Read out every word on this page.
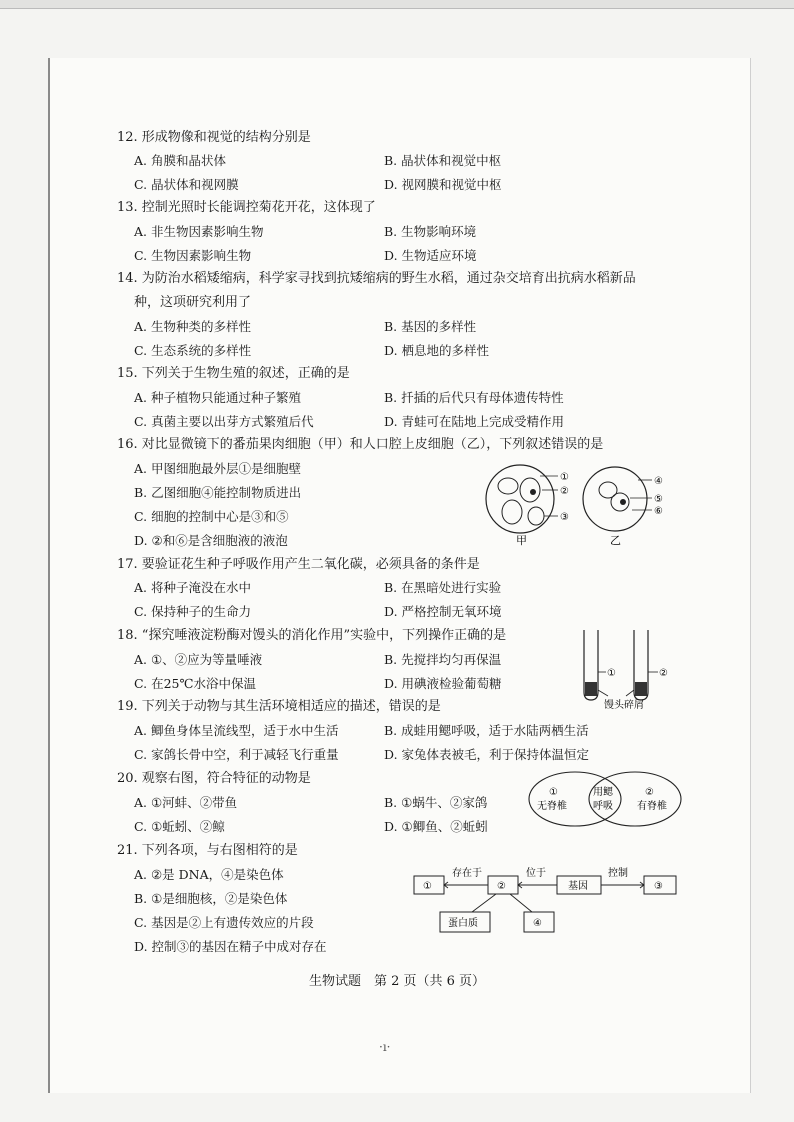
12. 形成物像和视觉的结构分别是
A. 角膜和晶状体	B. 晶状体和视觉中枢
C. 晶状体和视网膜	D. 视网膜和视觉中枢
13. 控制光照时长能调控菊花开花，这体现了
A. 非生物因素影响生物	B. 生物影响环境
C. 生物因素影响生物	D. 生物适应环境
14. 为防治水稻矮缩病，科学家寻找到抗矮缩病的野生水稻，通过杂交培育出抗病水稻新品
种，这项研究利用了
A. 生物种类的多样性	B. 基因的多样性
C. 生态系统的多样性	D. 栖息地的多样性
15. 下列关于生物生殖的叙述，正确的是
A. 种子植物只能通过种子繁殖	B. 扦插的后代只有母体遗传特性
C. 真菌主要以出芽方式繁殖后代	D. 青蛙可在陆地上完成受精作用
16. 对比显微镜下的番茄果肉细胞（甲）和人口腔上皮细胞（乙），下列叙述错误的是
A. 甲图细胞最外层①是细胞壁
B. 乙图细胞④能控制物质进出
C. 细胞的控制中心是③和⑤
D. ②和⑥是含细胞液的液泡
①
②
③
甲
④
⑤
⑥
乙
17. 要验证花生种子呼吸作用产生二氧化碳，必须具备的条件是
A. 将种子淹没在水中	B. 在黑暗处进行实验
C. 保持种子的生命力	D. 严格控制无氧环境
18. “探究唾液淀粉酶对馒头的消化作用”实验中，下列操作正确的是
A. ①、②应为等量唾液	B. 先搅拌均匀再保温
C. 在25℃水浴中保温	D. 用碘液检验葡萄糖
①	②
馒头碎屑
19. 下列关于动物与其生活环境相适应的描述，错误的是
A. 鲫鱼身体呈流线型，适于水中生活	B. 成蛙用鳃呼吸，适于水陆两栖生活
C. 家鸽长骨中空，利于减轻飞行重量	D. 家兔体表被毛，利于保持体温恒定
20. 观察右图，符合特征的动物是
A. ①河蚌、②带鱼	B. ①蜗牛、②家鸽
C. ①蚯蚓、②鲸	D. ①鲫鱼、②蚯蚓
①
无脊椎
用鳃
呼吸
②
有脊椎
21. 下列各项，与右图相符的是
A. ②是 DNA，④是染色体
B. ①是细胞核，②是染色体
C. 基因是②上有遗传效应的片段
D. 控制③的基因在精子中成对存在
①
存在于
②
位于
基因
控制
③
蛋白质	④
生物试题　第 2 页（共 6 页）
·ı·
